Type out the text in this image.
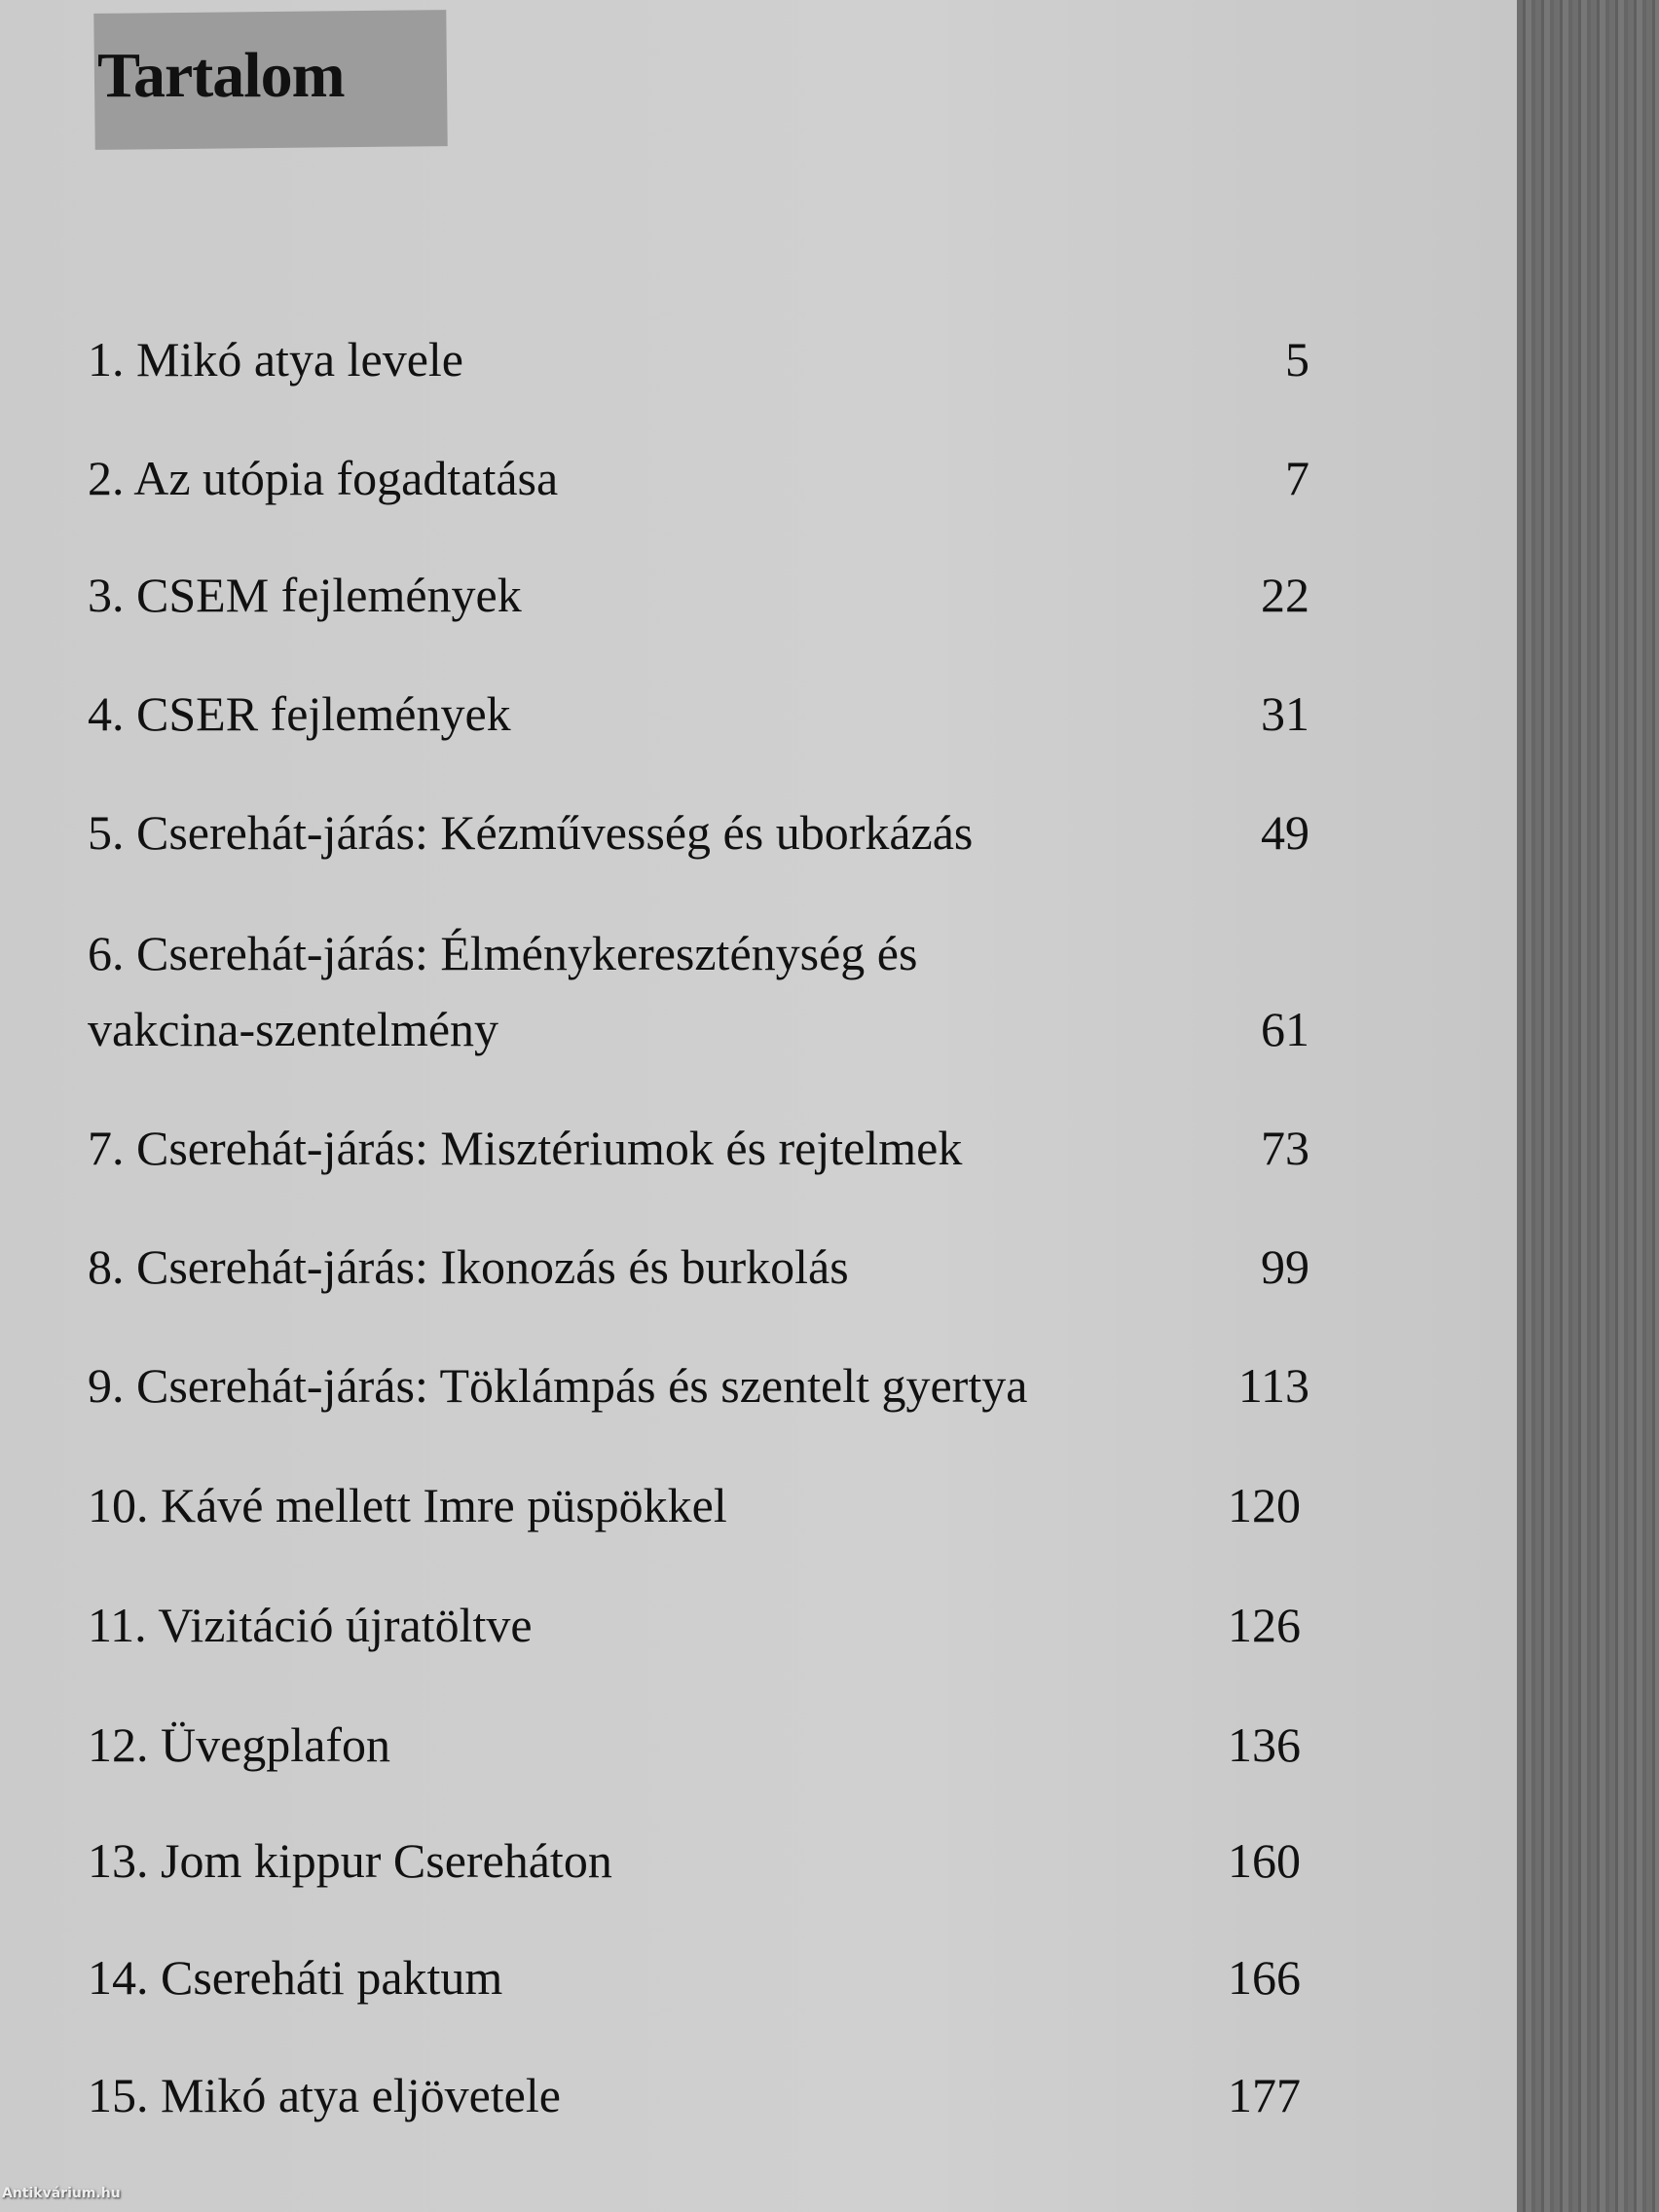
Tartalom
1. Mikó atya levele	5
2. Az utópia fogadtatása	7
3. CSEM fejlemények	22
4. CSER fejlemények	31
5. Cserehát-járás: Kézművesség és uborkázás	49
6. Cserehát-járás: Élménykereszténység és
vakcina-szentelmény	61
7. Cserehát-járás: Misztériumok és rejtelmek	73
8. Cserehát-járás: Ikonozás és burkolás	99
9. Cserehát-járás: Töklámpás és szentelt gyertya	113
10. Kávé mellett Imre püspökkel	120
11. Vizitáció újratöltve	126
12. Üvegplafon	136
13. Jom kippur Csereháton	160
14. Csereháti paktum	166
15. Mikó atya eljövetele	177
Antikvárium.hu
